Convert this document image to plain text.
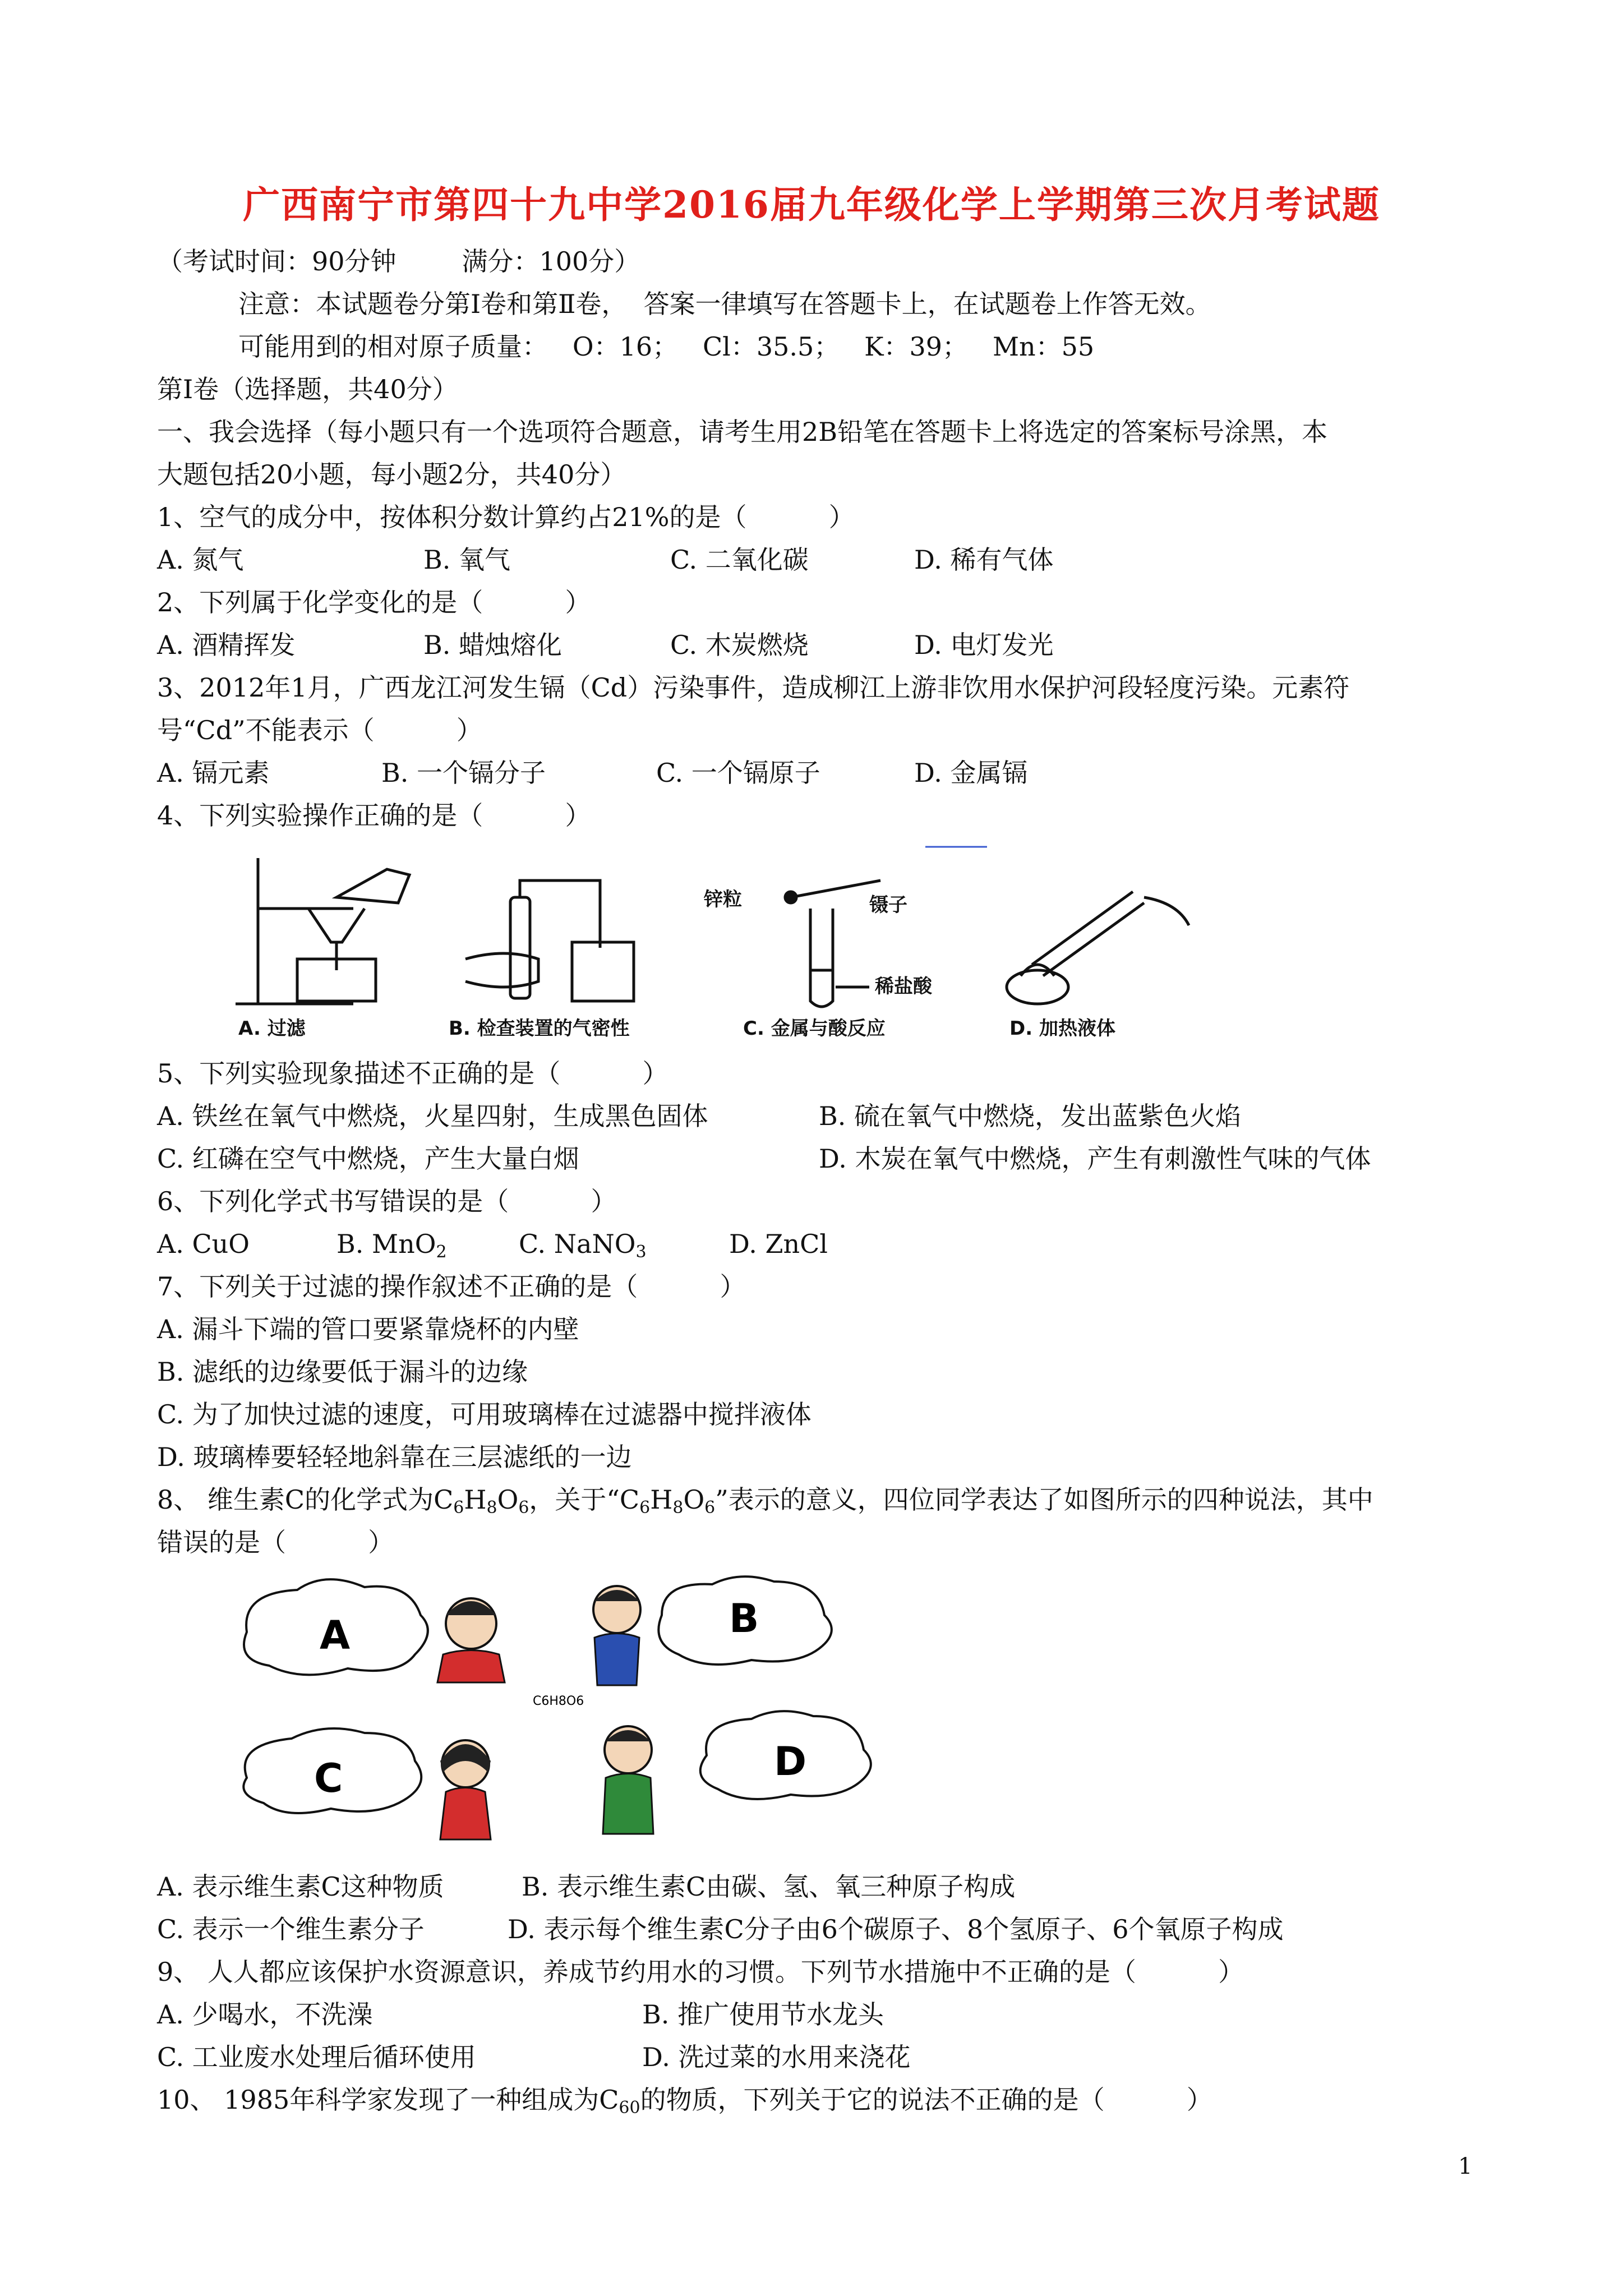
广西南宁市第四十九中学2016届九年级化学上学期第三次月考试题
（考试时间：90分钟        满分：100分）
注意：本试题卷分第Ⅰ卷和第Ⅱ卷，  答案一律填写在答题卡上，在试题卷上作答无效。
可能用到的相对原子质量：   O：16；   Cl：35.5；   K：39；   Mn：55
第Ⅰ卷（选择题，共40分）
一、我会选择（每小题只有一个选项符合题意，请考生用2B铅笔在答题卡上将选定的答案标号涂黑，本
大题包括20小题，每小题2分，共40分）
1、空气的成分中，按体积分数计算约占21%的是（          ）
A. 氮气	B. 氧气	C. 二氧化碳	D. 稀有气体
2、下列属于化学变化的是（          ）
A. 酒精挥发	B. 蜡烛熔化	C. 木炭燃烧	D. 电灯发光
3、2012年1月，广西龙江河发生镉（Cd）污染事件，造成柳江上游非饮用水保护河段轻度污染。元素符
号“Cd”不能表示（          ）
A. 镉元素	B. 一个镉分子	C. 一个镉原子	D. 金属镉
4、下列实验操作正确的是（          ）
A. 过滤	B. 检查装置的气密性
锌粒	镊子
稀盐酸
C. 金属与酸反应	D. 加热液体
5、下列实验现象描述不正确的是（          ）
A. 铁丝在氧气中燃烧，火星四射，生成黑色固体	B. 硫在氧气中燃烧，发出蓝紫色火焰
C. 红磷在空气中燃烧，产生大量白烟	D. 木炭在氧气中燃烧，产生有刺激性气味的气体
6、下列化学式书写错误的是（          ）
A. CuO	B. MnO$_2$	C. NaNO$_3$	D. ZnCl
7、下列关于过滤的操作叙述不正确的是（          ）
A. 漏斗下端的管口要紧靠烧杯的内壁
B. 滤纸的边缘要低于漏斗的边缘
C. 为了加快过滤的速度，可用玻璃棒在过滤器中搅拌液体
D. 玻璃棒要轻轻地斜靠在三层滤纸的一边
8、 维生素C的化学式为$C_6H_8O_6$，关于“$C_6H_8O_6$”表示的意义，四位同学表达了如图所示的四种说法，其中
错误的是（          ）
A	B
C	D
C6H8O6
A. 表示维生素C这种物质	B. 表示维生素C由碳、氢、氧三种原子构成
C. 表示一个维生素分子	D. 表示每个维生素C分子由6个碳原子、8个氢原子、6个氧原子构成
9、 人人都应该保护水资源意识，养成节约用水的习惯。下列节水措施中不正确的是（          ）
A. 少喝水，不洗澡	B. 推广使用节水龙头
C. 工业废水处理后循环使用	D. 洗过菜的水用来浇花
10、 1985年科学家发现了一种组成为$C_{60}$的物质，下列关于它的说法不正确的是（          ）
1
